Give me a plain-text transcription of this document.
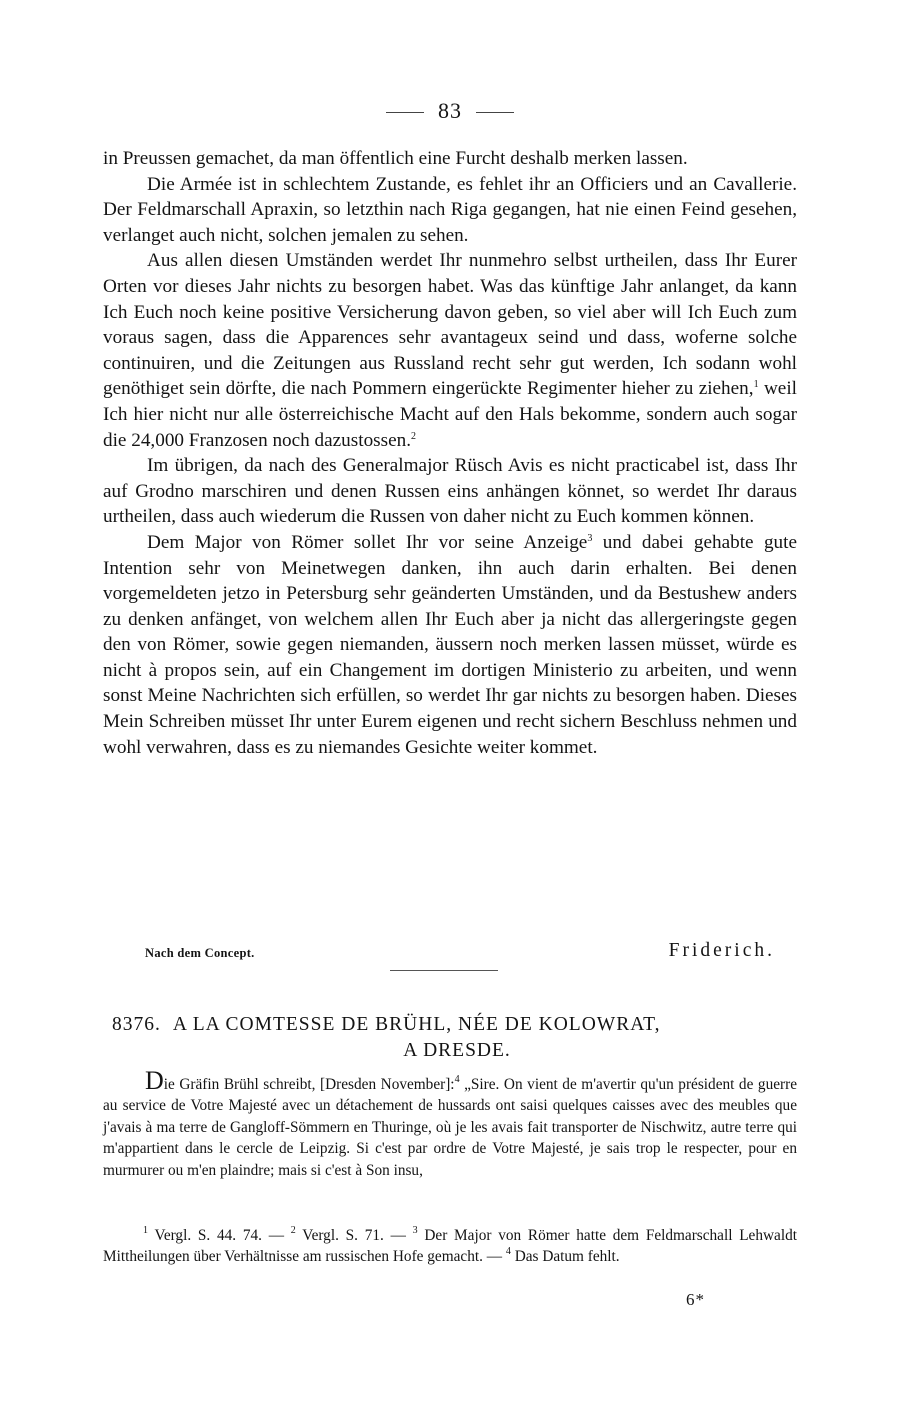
83

in Preussen gemachet, da man öffentlich eine Furcht deshalb merken lassen.

Die Armée ist in schlechtem Zustande, es fehlet ihr an Officiers und an Cavallerie. Der Feldmarschall Apraxin, so letzthin nach Riga gegangen, hat nie einen Feind gesehen, verlanget auch nicht, solchen jemalen zu sehen.

Aus allen diesen Umständen werdet Ihr nunmehro selbst urtheilen, dass Ihr Eurer Orten vor dieses Jahr nichts zu besorgen habet. Was das künftige Jahr anlanget, da kann Ich Euch noch keine positive Versicherung davon geben, so viel aber will Ich Euch zum voraus sagen, dass die Apparences sehr avantageux seind und dass, woferne solche continuiren, und die Zeitungen aus Russland recht sehr gut werden, Ich sodann wohl genöthiget sein dörfte, die nach Pommern eingerückte Regimenter hieher zu ziehen,$^1$ weil Ich hier nicht nur alle österreichische Macht auf den Hals bekomme, sondern auch sogar die 24,000 Franzosen noch dazustossen.$^2$

Im übrigen, da nach des Generalmajor Rüsch Avis es nicht practicabel ist, dass Ihr auf Grodno marschiren und denen Russen eins anhängen könnet, so werdet Ihr daraus urtheilen, dass auch wiederum die Russen von daher nicht zu Euch kommen können.

Dem Major von Römer sollet Ihr vor seine Anzeige$^3$ und dabei gehabte gute Intention sehr von Meinetwegen danken, ihn auch darin erhalten. Bei denen vorgemeldeten jetzo in Petersburg sehr geänderten Umständen, und da Bestushew anders zu denken anfänget, von welchem allen Ihr Euch aber ja nicht das allergeringste gegen den von Römer, sowie gegen niemanden, äussern noch merken lassen müsset, würde es nicht à propos sein, auf ein Changement im dortigen Ministerio zu arbeiten, und wenn sonst Meine Nachrichten sich erfüllen, so werdet Ihr gar nichts zu besorgen haben. Dieses Mein Schreiben müsset Ihr unter Eurem eigenen und recht sichern Beschluss nehmen und wohl verwahren, dass es zu niemandes Gesichte weiter kommet.

Nach dem Concept.	Friderich.
8376. A LA COMTESSE DE BRÜHL, NÉE DE KOLOWRAT,
A DRESDE.

Die Gräfin Brühl schreibt, [Dresden November]:$^4$ „Sire. On vient de m'avertir qu'un président de guerre au service de Votre Majesté avec un détachement de hussards ont saisi quelques caisses avec des meubles que j'avais à ma terre de Gangloff-Sömmern en Thuringe, où je les avais fait transporter de Nischwitz, autre terre qui m'appartient dans le cercle de Leipzig. Si c'est par ordre de Votre Majesté, je sais trop le respecter, pour en murmurer ou m'en plaindre; mais si c'est à Son insu,

$^1$ Vergl. S. 44. 74. — $^2$ Vergl. S. 71. — $^3$ Der Major von Römer hatte dem Feldmarschall Lehwaldt Mittheilungen über Verhältnisse am russischen Hofe gemacht. — $^4$ Das Datum fehlt.

6*
